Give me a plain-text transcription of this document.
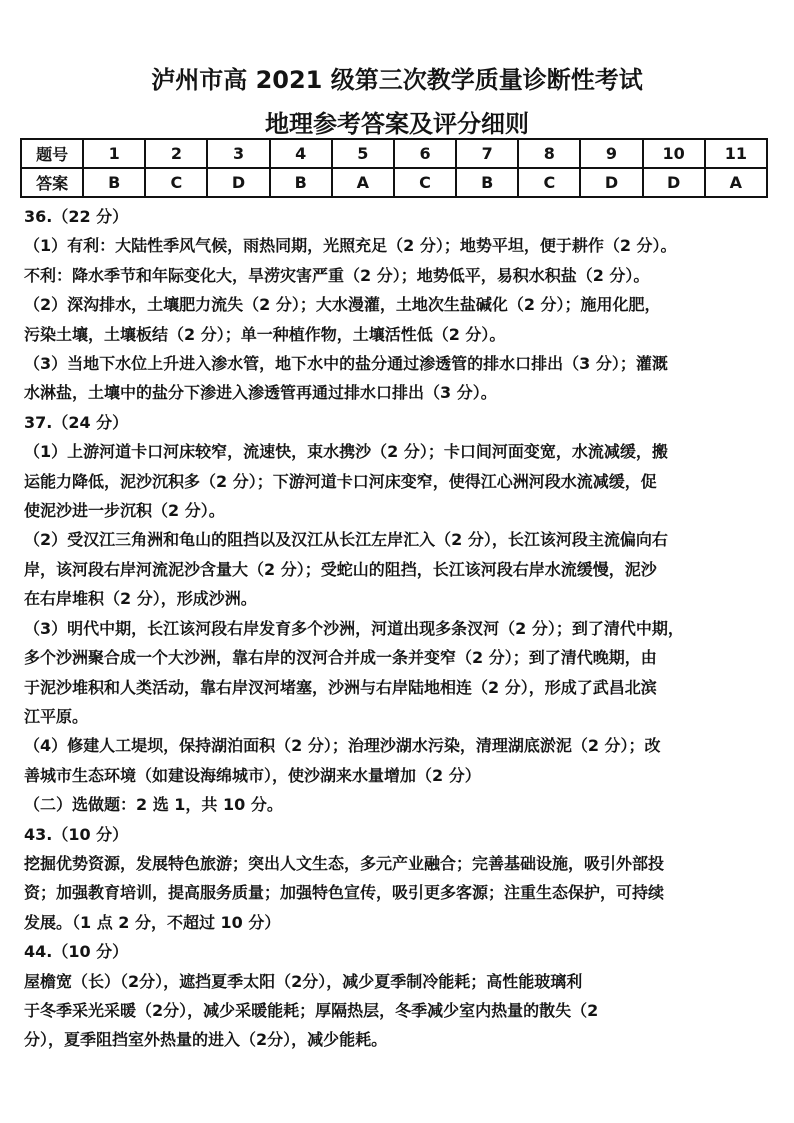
泸州市高 2021 级第三次教学质量诊断性考试
地理参考答案及评分细则
题号	1	2	3	4	5	6	7	8	9	10	11
答案	B	C	D	B	A	C	B	C	D	D	A

36.（22 分）

（1）有利：大陆性季风气候，雨热同期，光照充足（2 分）；地势平坦，便于耕作（2 分）。

不利：降水季节和年际变化大，旱涝灾害严重（2 分）；地势低平，易积水积盐（2 分）。

（2）深沟排水，土壤肥力流失（2 分）；大水漫灌，土地次生盐碱化（2 分）；施用化肥，

污染土壤，土壤板结（2 分）；单一种植作物，土壤活性低（2 分）。

（3）当地下水位上升进入渗水管，地下水中的盐分通过渗透管的排水口排出（3 分）；灌溉

水淋盐，土壤中的盐分下渗进入渗透管再通过排水口排出（3 分）。

37.（24 分）

（1）上游河道卡口河床较窄，流速快，束水携沙（2 分）；卡口间河面变宽，水流减缓，搬

运能力降低，泥沙沉积多（2 分）；下游河道卡口河床变窄，使得江心洲河段水流减缓，促

使泥沙进一步沉积（2 分）。

（2）受汉江三角洲和龟山的阻挡以及汉江从长江左岸汇入（2 分），长江该河段主流偏向右

岸，该河段右岸河流泥沙含量大（2 分）；受蛇山的阻挡，长江该河段右岸水流缓慢，泥沙

在右岸堆积（2 分），形成沙洲。

（3）明代中期，长江该河段右岸发育多个沙洲，河道出现多条汊河（2 分）；到了清代中期，

多个沙洲聚合成一个大沙洲，靠右岸的汊河合并成一条并变窄（2 分）；到了清代晚期，由

于泥沙堆积和人类活动，靠右岸汊河堵塞，沙洲与右岸陆地相连（2 分），形成了武昌北滨

江平原。

（4）修建人工堤坝，保持湖泊面积（2 分）；治理沙湖水污染，清理湖底淤泥（2 分）；改

善城市生态环境（如建设海绵城市），使沙湖来水量增加（2 分）

（二）选做题：2 选 1，共 10 分。

43.（10 分）

挖掘优势资源，发展特色旅游；突出人文生态，多元产业融合；完善基础设施，吸引外部投

资；加强教育培训，提高服务质量；加强特色宣传，吸引更多客源；注重生态保护，可持续

发展。（1 点 2 分，不超过 10 分）

44.（10 分）

屋檐宽（长）（2分），遮挡夏季太阳（2分），减少夏季制冷能耗；高性能玻璃利

于冬季采光采暖（2分），减少采暖能耗；厚隔热层，冬季减少室内热量的散失（2

分），夏季阻挡室外热量的进入（2分），减少能耗。
